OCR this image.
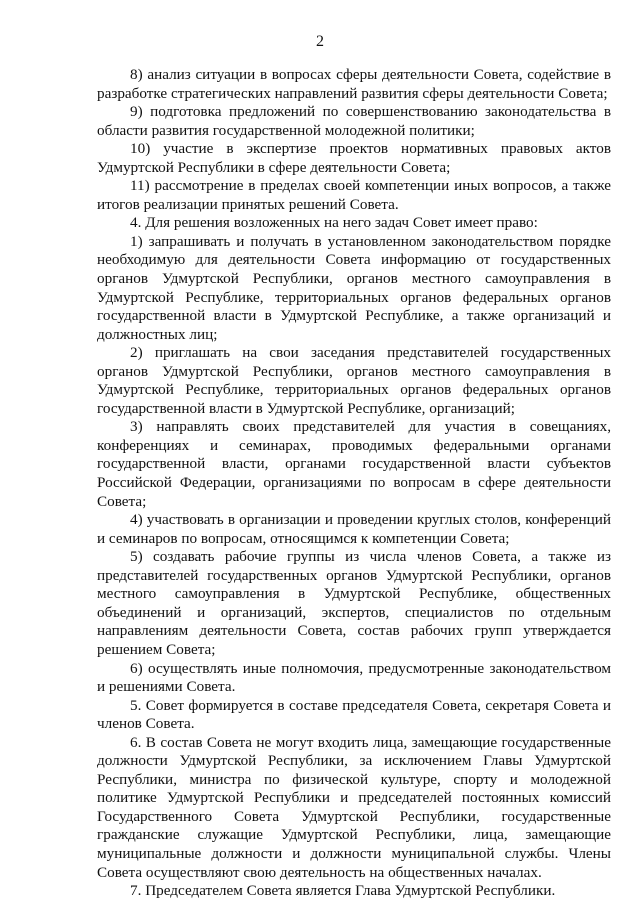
2

8) анализ ситуации в вопросах сферы деятельности Совета, содействие в разработке стратегических направлений развития сферы деятельности Совета;

9) подготовка предложений по совершенствованию законодательства в области развития государственной молодежной политики;

10) участие в экспертизе проектов нормативных правовых актов Удмуртской Республики в сфере деятельности Совета;

11) рассмотрение в пределах своей компетенции иных вопросов, а также итогов реализации принятых решений Совета.

4. Для решения возложенных на него задач Совет имеет право:

1) запрашивать и получать в установленном законодательством порядке необходимую для деятельности Совета информацию от государственных органов Удмуртской Республики, органов местного самоуправления в Удмуртской Республике, территориальных органов федеральных органов государственной власти в Удмуртской Республике, а также организаций и должностных лиц;

2) приглашать на свои заседания представителей государственных органов Удмуртской Республики, органов местного самоуправления в Удмуртской Республике, территориальных органов федеральных органов государственной власти в Удмуртской Республике, организаций;

3) направлять своих представителей для участия в совещаниях, конференциях и семинарах, проводимых федеральными органами государственной власти, органами государственной власти субъектов Российской Федерации, организациями по вопросам в сфере деятельности Совета;

4) участвовать в организации и проведении круглых столов, конференций и семинаров по вопросам, относящимся к компетенции Совета;

5) создавать рабочие группы из числа членов Совета, а также из представителей государственных органов Удмуртской Республики, органов местного самоуправления в Удмуртской Республике, общественных объединений и организаций, экспертов, специалистов по отдельным направлениям деятельности Совета, состав рабочих групп утверждается решением Совета;

6) осуществлять иные полномочия, предусмотренные законодательством и решениями Совета.

5. Совет формируется в составе председателя Совета, секретаря Совета и членов Совета.

6. В состав Совета не могут входить лица, замещающие государственные должности Удмуртской Республики, за исключением Главы Удмуртской Республики, министра по физической культуре, спорту и молодежной политике Удмуртской Республики и председателей постоянных комиссий Государственного Совета Удмуртской Республики, государственные гражданские служащие Удмуртской Республики, лица, замещающие муниципальные должности и должности муниципальной службы. Члены Совета осуществляют свою деятельность на общественных началах.

7. Председателем Совета является Глава Удмуртской Республики.
